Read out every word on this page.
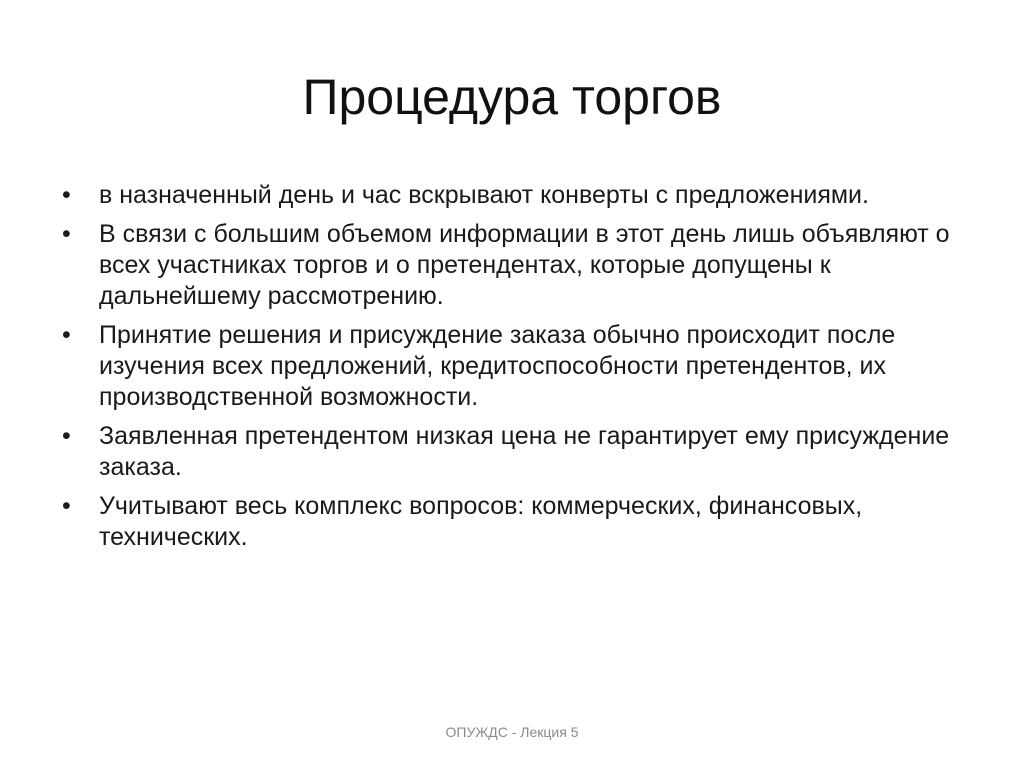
Процедура торгов
•	в назначенный день и час вскрывают конверты с предложениями.
•	В связи с большим объемом информации в этот день лишь объявляют о всех участниках торгов и о претендентах, которые допущены к дальнейшему рассмотрению.
•	Принятие решения и присуждение заказа обычно происходит после изучения всех предложений, кредитоспособности претендентов, их производственной возможности.
•	Заявленная претендентом низкая цена не гарантирует ему присуждение заказа.
•	Учитывают весь комплекс вопросов: коммерческих, финансовых, технических.
ОПУЖДС - Лекция 5
